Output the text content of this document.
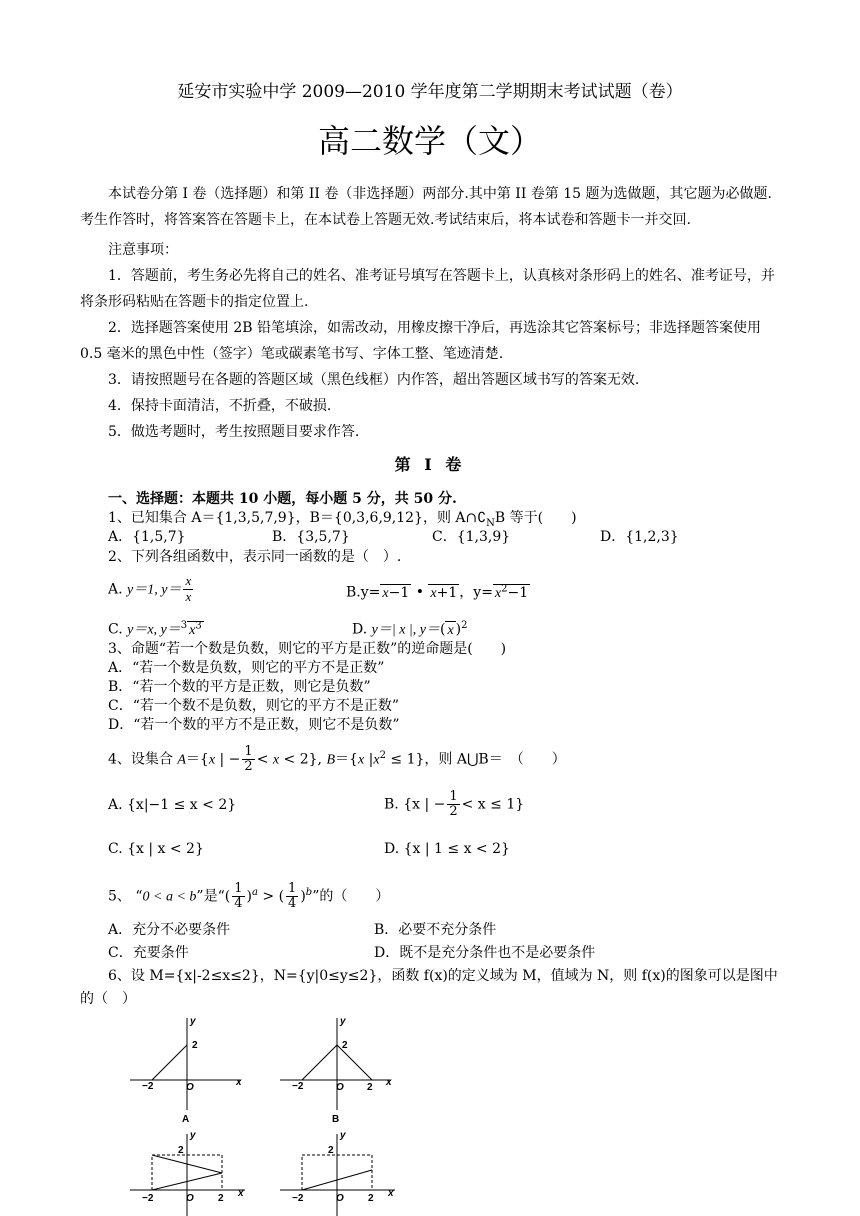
延安市实验中学 2009—2010 学年度第二学期期末考试试题（卷）
高二数学（文）
本试卷分第 I 卷（选择题）和第 II 卷（非选择题）两部分.其中第 II 卷第 15 题为选做题，其它题为必做题.考生作答时，将答案答在答题卡上，在本试卷上答题无效.考试结束后，将本试卷和答题卡一并交回.
注意事项：
1．答题前，考生务必先将自己的姓名、准考证号填写在答题卡上，认真核对条形码上的姓名、准考证号，并将条形码粘贴在答题卡的指定位置上.
2．选择题答案使用 2B 铅笔填涂，如需改动，用橡皮擦干净后，再选涂其它答案标号；非选择题答案使用 0.5 毫米的黑色中性（签字）笔或碳素笔书写、字体工整、笔迹清楚.
3．请按照题号在各题的答题区域（黑色线框）内作答，超出答题区域书写的答案无效.
4．保持卡面清洁，不折叠，不破损.
5．做选考题时，考生按照题目要求作答.
第 Ⅰ 卷
一、选择题：本题共 10 小题，每小题 5 分，共 50 分.
1、已知集合 A＝{1,3,5,7,9}，B＝{0,3,6,9,12}，则 $A\cap∁_NB$ 等于(　　)
A．{1,5,7}	B．{3,5,7}	C．{1,3,9}	D．{1,2,3}
2、下列各组函数中，表示同一函数的是（　）.
A. y＝1, $y= \frac{x}{x}$	B.y= x−1 • x+1 ，$y= x^2-1$
C. y＝x, y＝$^3$ $x^3$	D. y＝| x |, y＝( x )$^2$
3、命题“若一个数是负数，则它的平方是正数”的逆命题是(　　)
A．“若一个数是负数，则它的平方不是正数”
B．“若一个数的平方是正数，则它是负数”
C．“若一个数不是负数，则它的平方不是正数”
D．“若一个数的平方不是正数，则它不是负数”
4、设集合 A＝{x | − $\frac{1}{2} < x < 2$}, B＝{x $|x^2 \le 1$}，则 A⋃B＝　（　　）
A. {x|−1 ≤ x < 2}	B. {x | − $\frac{1}{2} < x \le 1$}
C. {x | x < 2}	D. {x | 1 ≤ x < 2}
5、 “0 < a < b”是“( $\frac{1}{4} )^a$ > ( $\frac{1}{4} )^b$”的（　　）
A．充分不必要条件	B．必要不充分条件
C．充要条件	D．既不是充分条件也不是必要条件
6、设 M={x|-2≤x≤2}，N={y|0≤y≤2}，函数 f(x)的定义域为 M，值域为 N，则 f(x)的图象可以是图中
的（　）
y
2
−2	O	x
A
y
2
−2	O 2 x
B
y
2
−2	O 2 x
y
2
−2	O 2 x
